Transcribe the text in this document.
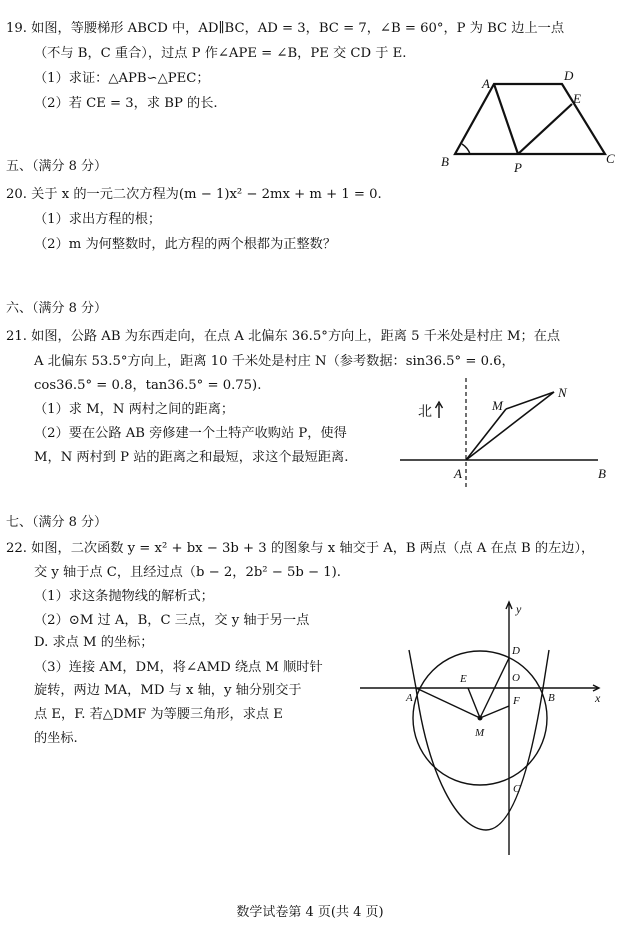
19. 如图，等腰梯形 ABCD 中，AD∥BC，AD = 3，BC = 7，∠B = 60°，P 为 BC 边上一点
（不与 B，C 重合），过点 P 作∠APE = ∠B，PE 交 CD 于 E.
（1）求证：△APB∽△PEC；
（2）若 CE = 3，求 BP 的长.
A
D
E
B	P
C
五、（满分 8 分）
20. 关于 x 的一元二次方程为(m − 1)x² − 2mx + m + 1 = 0.
（1）求出方程的根；
（2）m 为何整数时，此方程的两个根都为正整数？
六、（满分 8 分）
21. 如图，公路 AB 为东西走向，在点 A 北偏东 36.5°方向上，距离 5 千米处是村庄 M；在点
A 北偏东 53.5°方向上，距离 10 千米处是村庄 N（参考数据：sin36.5° = 0.6，
cos36.5° = 0.8，tan36.5° = 0.75).
（1）求 M，N 两村之间的距离；
（2）要在公路 AB 旁修建一个土特产收购站 P，使得
M，N 两村到 P 站的距离之和最短，求这个最短距离.
北	M
N
A	B
七、（满分 8 分）
22. 如图，二次函数 y = x² + bx − 3b + 3 的图象与 x 轴交于 A，B 两点（点 A 在点 B 的左边），
交 y 轴于点 C，且经过点（b − 2，2b² − 5b − 1).
（1）求这条抛物线的解析式；
（2）⊙M 过 A，B，C 三点，交 y 轴于另一点
D. 求点 M 的坐标；
（3）连接 AM，DM，将∠AMD 绕点 M 顺时针
旋转，两边 MA，MD 与 x 轴，y 轴分别交于
点 E，F. 若△DMF 为等腰三角形，求点 E
的坐标.
y
x
D
E	O
A	B
F
M
C
数学试卷第 4 页(共 4 页)
